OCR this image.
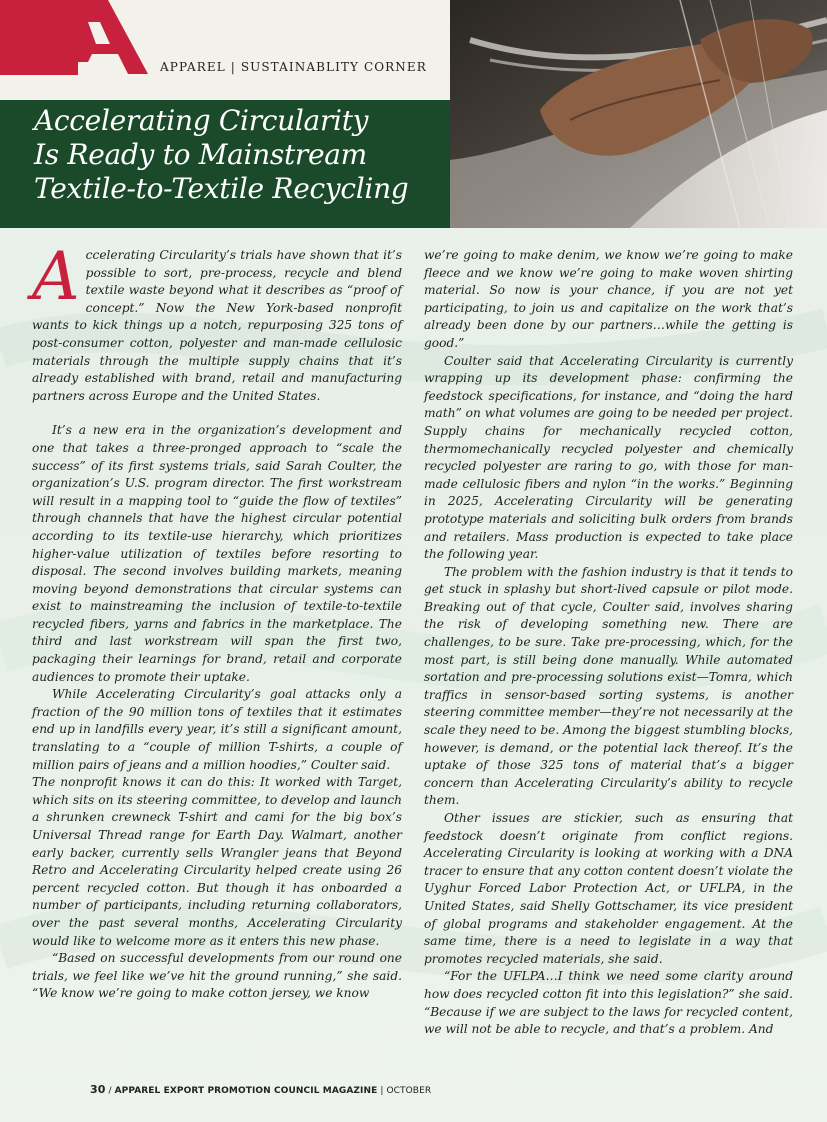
APPAREL | SUSTAINABLITY CORNER
Accelerating Circularity
Is Ready to Mainstream
Textile-to-Textile Recycling

Accelerating Circularity’s trials have shown that it’s possible to sort, pre-process, recycle and blend textile waste beyond what it describes as “proof of concept.” Now the New York-based nonprofit wants to kick things up a notch, repurposing 325 tons of post-consumer cotton, polyester and man-made cellulosic materials through the multiple supply chains that it’s already established with brand, retail and manufacturing partners across Europe and the United States.

It’s a new era in the organization’s development and one that takes a three-pronged approach to “scale the success” of its first systems trials, said Sarah Coulter, the organization’s U.S. program director. The first workstream will result in a mapping tool to “guide the flow of textiles” through channels that have the highest circular potential according to its textile-use hierarchy, which prioritizes higher-value utilization of textiles before resorting to disposal. The second involves building markets, meaning moving beyond demonstrations that circular systems can exist to mainstreaming the inclusion of textile-to-textile recycled fibers, yarns and fabrics in the marketplace. The third and last workstream will span the first two, packaging their learnings for brand, retail and corporate audiences to promote their uptake.

While Accelerating Circularity’s goal attacks only a fraction of the 90 million tons of textiles that it estimates end up in landfills every year, it’s still a significant amount, translating to a “couple of million T-shirts, a couple of million pairs of jeans and a million hoodies,” Coulter said.

The nonprofit knows it can do this: It worked with Target, which sits on its steering committee, to develop and launch a shrunken crewneck T-shirt and cami for the big box’s Universal Thread range for Earth Day. Walmart, another early backer, currently sells Wrangler jeans that Beyond Retro and Accelerating Circularity helped create using 26 percent recycled cotton. But though it has onboarded a number of participants, including returning collaborators, over the past several months, Accelerating Circularity would like to welcome more as it enters this new phase.

“Based on successful developments from our round one trials, we feel like we’ve hit the ground running,” she said. “We know we’re going to make cotton jersey, we know

we’re going to make denim, we know we’re going to make fleece and we know we’re going to make woven shirting material. So now is your chance, if you are not yet participating, to join us and capitalize on the work that’s already been done by our partners…while the getting is good.”

Coulter said that Accelerating Circularity is currently wrapping up its development phase: confirming the feedstock specifications, for instance, and “doing the hard math” on what volumes are going to be needed per project. Supply chains for mechanically recycled cotton, thermomechanically recycled polyester and chemically recycled polyester are raring to go, with those for man-made cellulosic fibers and nylon “in the works.” Beginning in 2025, Accelerating Circularity will be generating prototype materials and soliciting bulk orders from brands and retailers. Mass production is expected to take place the following year.

The problem with the fashion industry is that it tends to get stuck in splashy but short-lived capsule or pilot mode. Breaking out of that cycle, Coulter said, involves sharing the risk of developing something new. There are challenges, to be sure. Take pre-processing, which, for the most part, is still being done manually. While automated sortation and pre-processing solutions exist—Tomra, which traffics in sensor-based sorting systems, is another steering committee member—they’re not necessarily at the scale they need to be. Among the biggest stumbling blocks, however, is demand, or the potential lack thereof. It’s the uptake of those 325 tons of material that’s a bigger concern than Accelerating Circularity’s ability to recycle them.

Other issues are stickier, such as ensuring that feedstock doesn’t originate from conflict regions. Accelerating Circularity is looking at working with a DNA tracer to ensure that any cotton content doesn’t violate the Uyghur Forced Labor Protection Act, or UFLPA, in the United States, said Shelly Gottschamer, its vice president of global programs and stakeholder engagement. At the same time, there is a need to legislate in a way that promotes recycled materials, she said.

“For the UFLPA…I think we need some clarity around how does recycled cotton fit into this legislation?” she said. “Because if we are subject to the laws for recycled content, we will not be able to recycle, and that’s a problem. And

30 / APPAREL EXPORT PROMOTION COUNCIL MAGAZINE | OCTOBER
